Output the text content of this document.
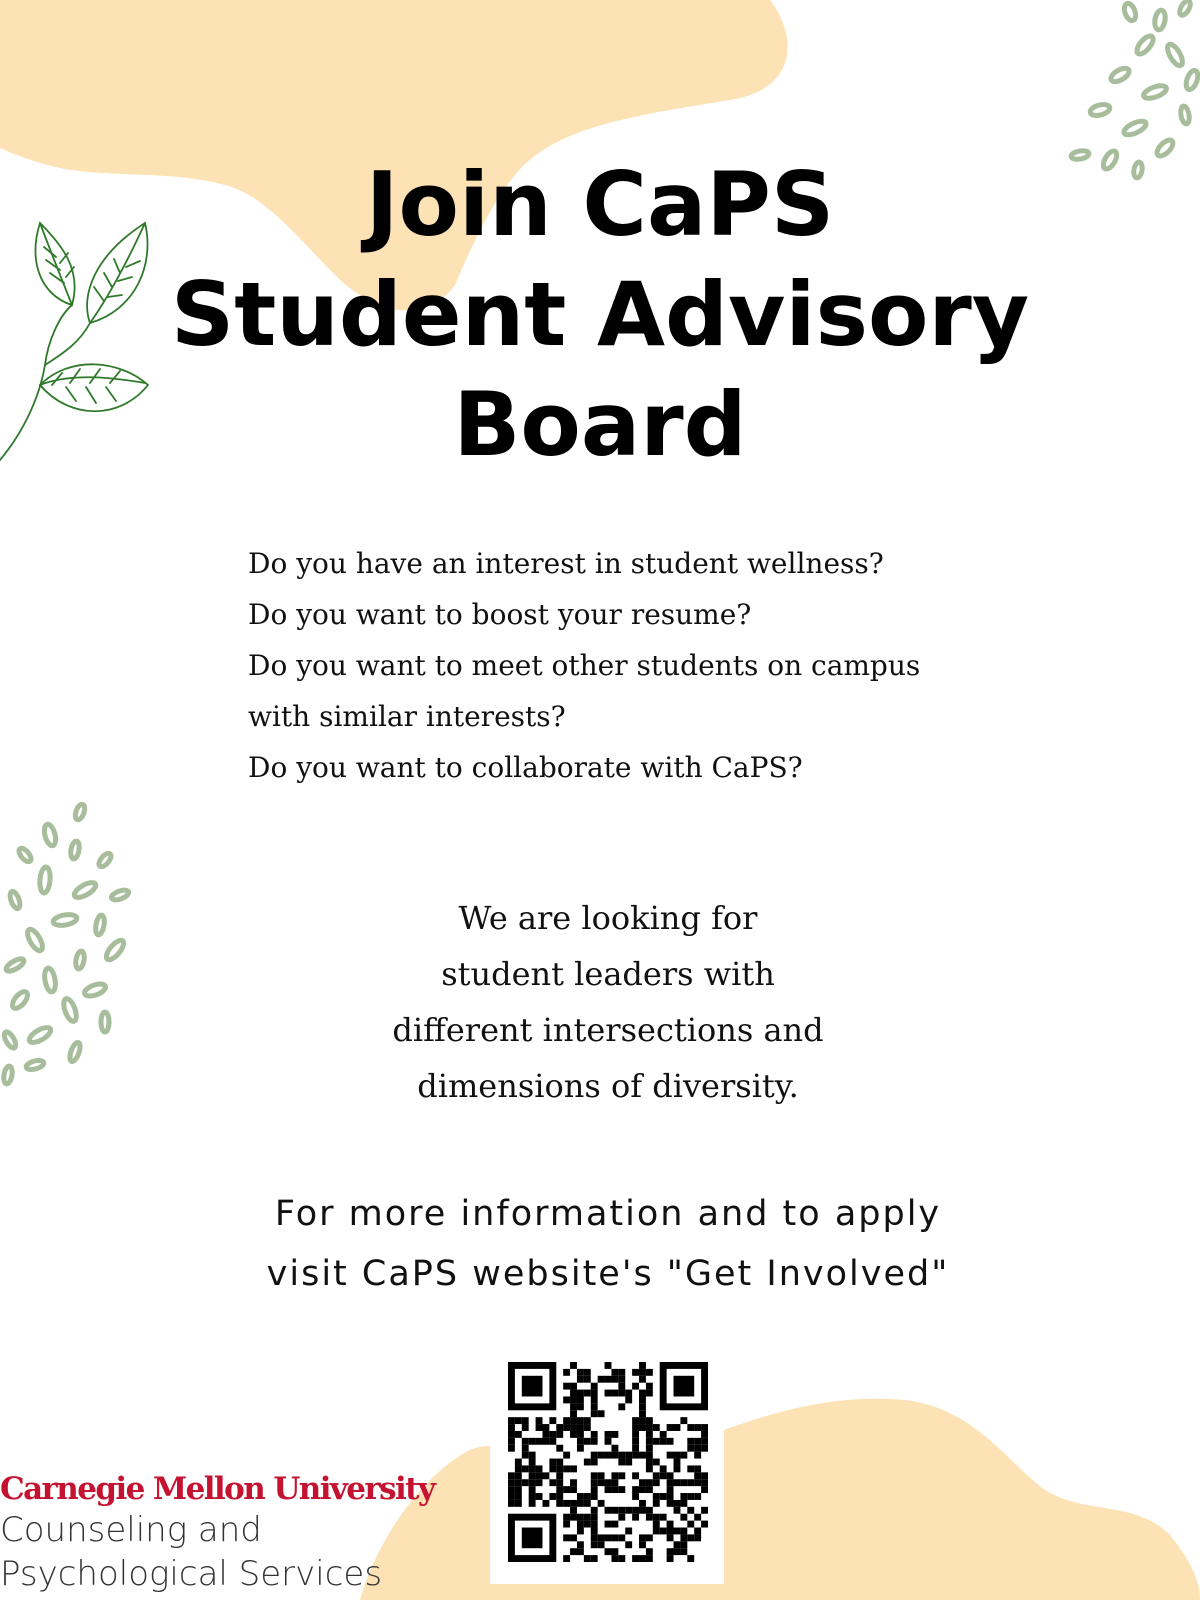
Join CaPS
Student Advisory
Board
Do you have an interest in student wellness?
Do you want to boost your resume?
Do you want to meet other students on campus
with similar interests?
Do you want to collaborate with CaPS?
We are looking for
student leaders with
different intersections and
dimensions of diversity.
For more information and to apply
visit CaPS website's "Get Involved"
Carnegie Mellon University
Counseling and
Psychological Services
